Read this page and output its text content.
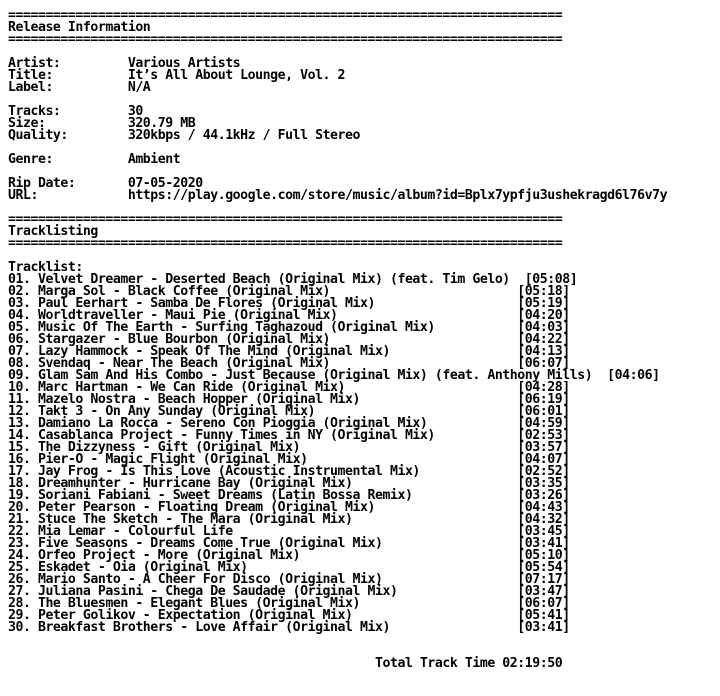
==========================================================================
Release Information
==========================================================================

Artist:         Various Artists
Title:          It’s All About Lounge, Vol. 2
Label:          N/A

Tracks:         30
Size:           320.79 MB
Quality:        320kbps / 44.1kHz / Full Stereo

Genre:          Ambient

Rip Date:       07-05-2020
URL:            https://play.google.com/store/music/album?id=Bplx7ypfju3ushekragd6l76v7y

==========================================================================
Tracklisting
==========================================================================

Tracklist:
01. Velvet Dreamer - Deserted Beach (Original Mix) (feat. Tim Gelo)  [05:08]
02. Marga Sol - Black Coffee (Original Mix)                         [05:18]
03. Paul Eerhart - Samba De Flores (Original Mix)                   [05:19]
04. Worldtraveller - Maui Pie (Original Mix)                        [04:20]
05. Music Of The Earth - Surfing Taghazoud (Original Mix)           [04:03]
06. Stargazer - Blue Bourbon (Original Mix)                         [04:22]
07. Lazy Hammock - Speak Of The Mind (Original Mix)                 [04:13]
08. Svendaq - Near The Beach (Original Mix)                         [06:07]
09. Glam Sam And His Combo - Just Because (Original Mix) (feat. Anthony Mills)  [04:06]
10. Marc Hartman - We Can Ride (Original Mix)                       [04:28]
11. Mazelo Nostra - Beach Hopper (Original Mix)                     [06:19]
12. Takt 3 - On Any Sunday (Original Mix)                           [06:01]
13. Damiano La Rocca - Sereno Con Pioggia (Original Mix)            [04:59]
14. Casablanca Project - Funny Times in NY (Original Mix)           [02:53]
15. The Dizzyness - Gift (Original Mix)                             [03:57]
16. Pier-O - Magic Flight (Original Mix)                            [04:07]
17. Jay Frog - Is This Love (Acoustic Instrumental Mix)             [02:52]
18. Dreamhunter - Hurricane Bay (Original Mix)                      [03:35]
19. Soriani Fabiani - Sweet Dreams (Latin Bossa Remix)              [03:26]
20. Peter Pearson - Floating Dream (Original Mix)                   [04:43]
21. Stuce The Sketch - The Mara (Original Mix)                      [04:32]
22. Mia Lemar - Colourful Life                                      [03:45]
23. Five Seasons - Dreams Come True (Original Mix)                  [03:41]
24. Orfeo Project - More (Original Mix)                             [05:10]
25. Eskadet - Oia (Original Mix)                                    [05:54]
26. Mario Santo - A Cheer For Disco (Original Mix)                  [07:17]
27. Juliana Pasini - Chega De Saudade (Original Mix)                [03:47]
28. The Bluesmen - Elegant Blues (Original Mix)                     [06:07]
29. Peter Golikov - Expectation (Original Mix)                      [05:41]
30. Breakfast Brothers - Love Affair (Original Mix)                 [03:41]

Total Track Time 02:19:50
